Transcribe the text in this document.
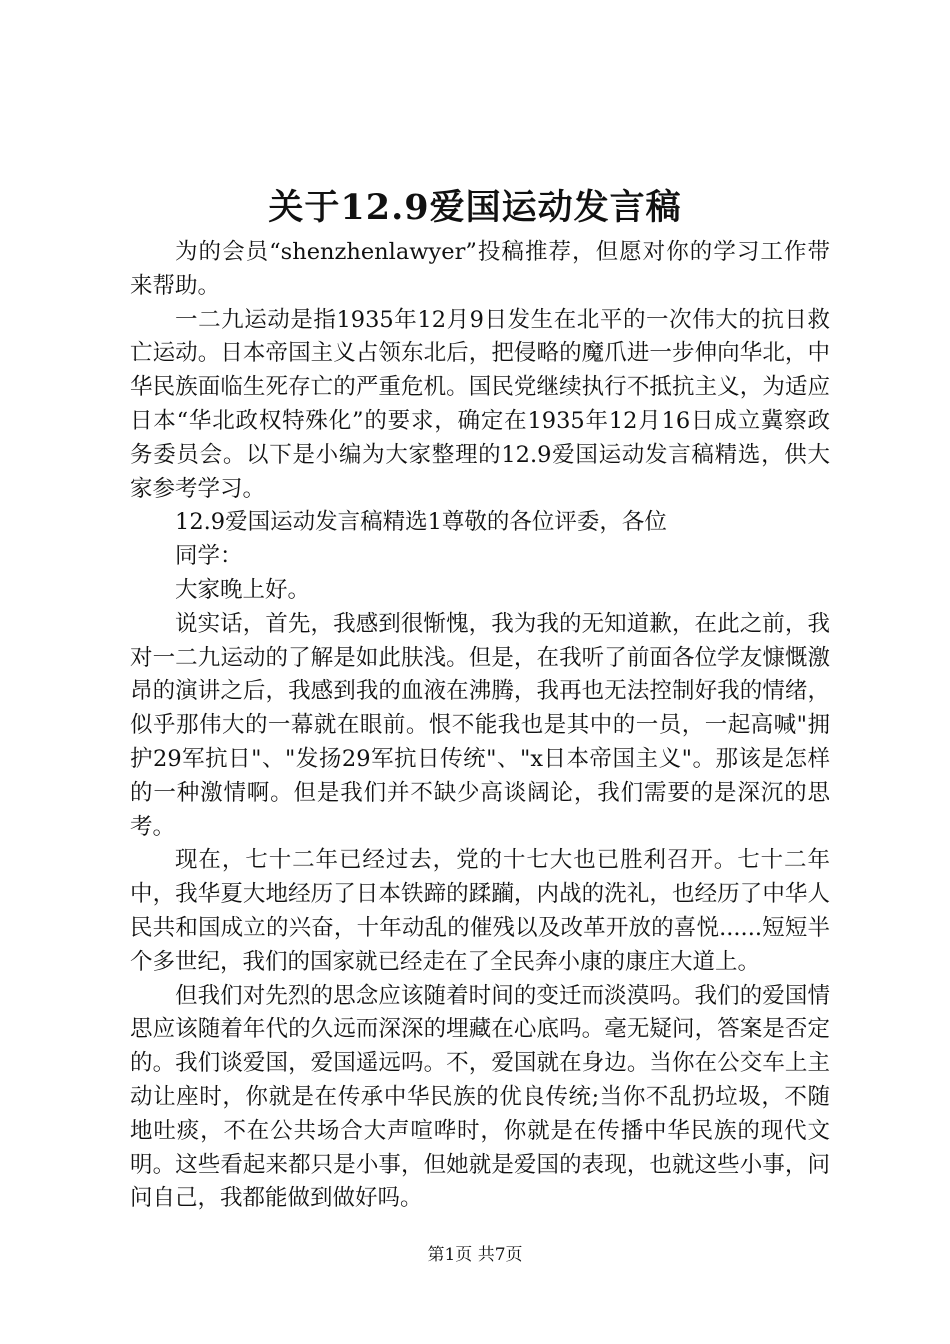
关于12.9爱国运动发言稿

为的会员“shenzhenlawyer”投稿推荐，但愿对你的学习工作带来帮助。

一二九运动是指1935年12月9日发生在北平的一次伟大的抗日救亡运动。日本帝国主义占领东北后，把侵略的魔爪进一步伸向华北，中华民族面临生死存亡的严重危机。国民党继续执行不抵抗主义，为适应日本“华北政权特殊化”的要求，确定在1935年12月16日成立冀察政务委员会。以下是小编为大家整理的12.9爱国运动发言稿精选，供大家参考学习。

12.9爱国运动发言稿精选1尊敬的各位评委，各位

同学：

大家晚上好。

说实话，首先，我感到很惭愧，我为我的无知道歉，在此之前，我对一二九运动的了解是如此肤浅。但是，在我听了前面各位学友慷慨激昂的演讲之后，我感到我的血液在沸腾，我再也无法控制好我的情绪，似乎那伟大的一幕就在眼前。恨不能我也是其中的一员，一起高喊"拥护29军抗日"、"发扬29军抗日传统"、"x日本帝国主义"。那该是怎样的一种激情啊。但是我们并不缺少高谈阔论，我们需要的是深沉的思考。

现在，七十二年已经过去，党的十七大也已胜利召开。七十二年中，我华夏大地经历了日本铁蹄的蹂躏，内战的洗礼，也经历了中华人民共和国成立的兴奋，十年动乱的催残以及改革开放的喜悦......短短半个多世纪，我们的国家就已经走在了全民奔小康的康庄大道上。

但我们对先烈的思念应该随着时间的变迁而淡漠吗。我们的爱国情思应该随着年代的久远而深深的埋藏在心底吗。毫无疑问，答案是否定的。我们谈爱国，爱国遥远吗。不，爱国就在身边。当你在公交车上主动让座时，你就是在传承中华民族的优良传统;当你不乱扔垃圾，不随地吐痰，不在公共场合大声喧哗时，你就是在传播中华民族的现代文明。这些看起来都只是小事，但她就是爱国的表现，也就这些小事，问问自己，我都能做到做好吗。

第1页 共7页
